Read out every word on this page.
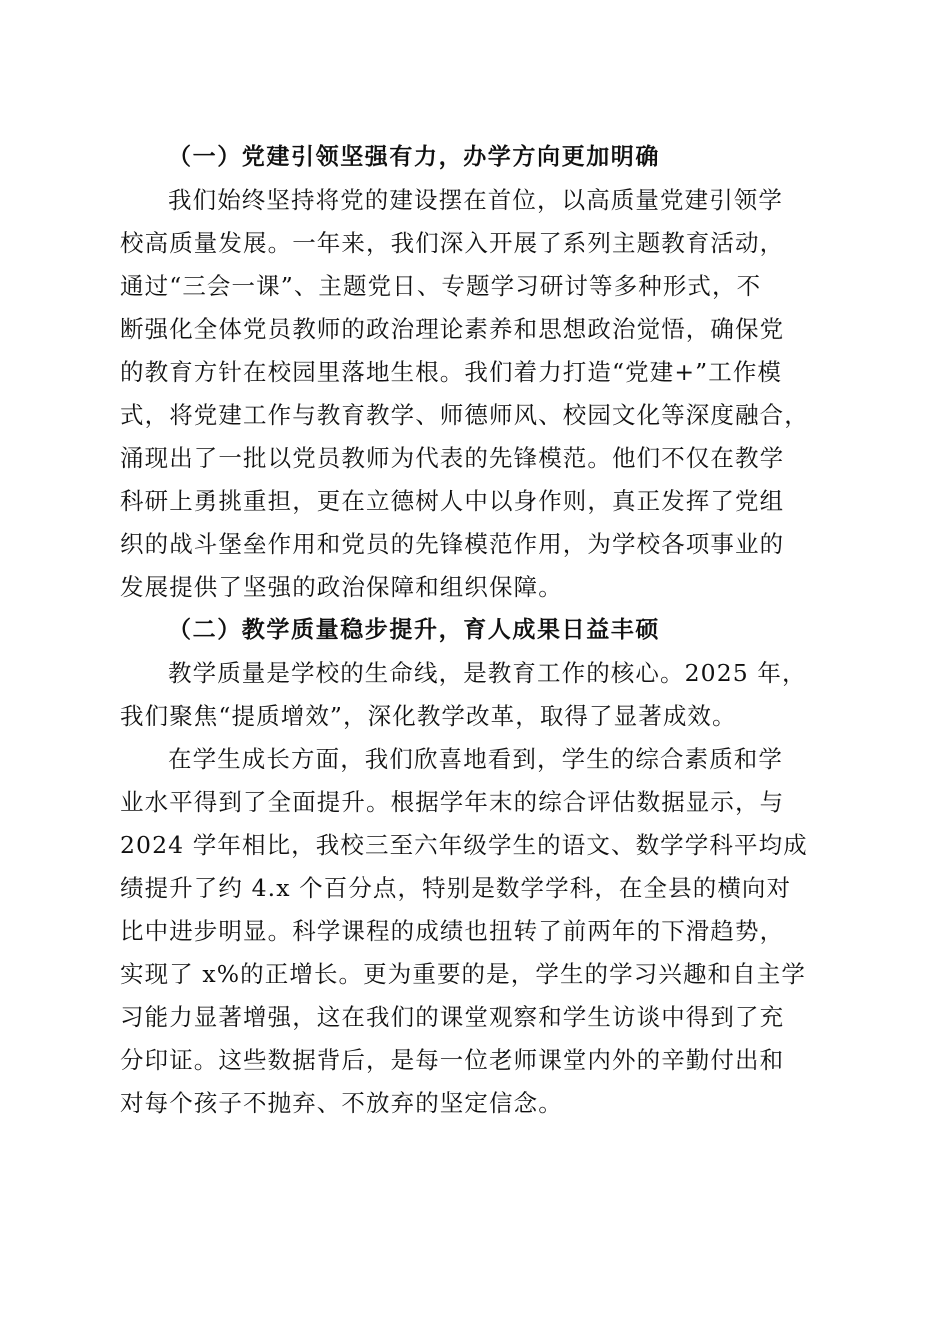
（一）党建引领坚强有力，办学方向更加明确
我们始终坚持将党的建设摆在首位，以高质量党建引领学
校高质量发展。一年来，我们深入开展了系列主题教育活动，
通过“三会一课”、主题党日、专题学习研讨等多种形式，不
断强化全体党员教师的政治理论素养和思想政治觉悟，确保党
的教育方针在校园里落地生根。我们着力打造“党建+”工作模
式，将党建工作与教育教学、师德师风、校园文化等深度融合，
涌现出了一批以党员教师为代表的先锋模范。他们不仅在教学
科研上勇挑重担，更在立德树人中以身作则，真正发挥了党组
织的战斗堡垒作用和党员的先锋模范作用，为学校各项事业的
发展提供了坚强的政治保障和组织保障。
（二）教学质量稳步提升，育人成果日益丰硕
教学质量是学校的生命线，是教育工作的核心。2025 年，
我们聚焦“提质增效”，深化教学改革，取得了显著成效。
在学生成长方面，我们欣喜地看到，学生的综合素质和学
业水平得到了全面提升。根据学年末的综合评估数据显示，与
2024 学年相比，我校三至六年级学生的语文、数学学科平均成
绩提升了约 4.x 个百分点，特别是数学学科，在全县的横向对
比中进步明显。科学课程的成绩也扭转了前两年的下滑趋势，
实现了 x%的正增长。更为重要的是，学生的学习兴趣和自主学
习能力显著增强，这在我们的课堂观察和学生访谈中得到了充
分印证。这些数据背后，是每一位老师课堂内外的辛勤付出和
对每个孩子不抛弃、不放弃的坚定信念。
